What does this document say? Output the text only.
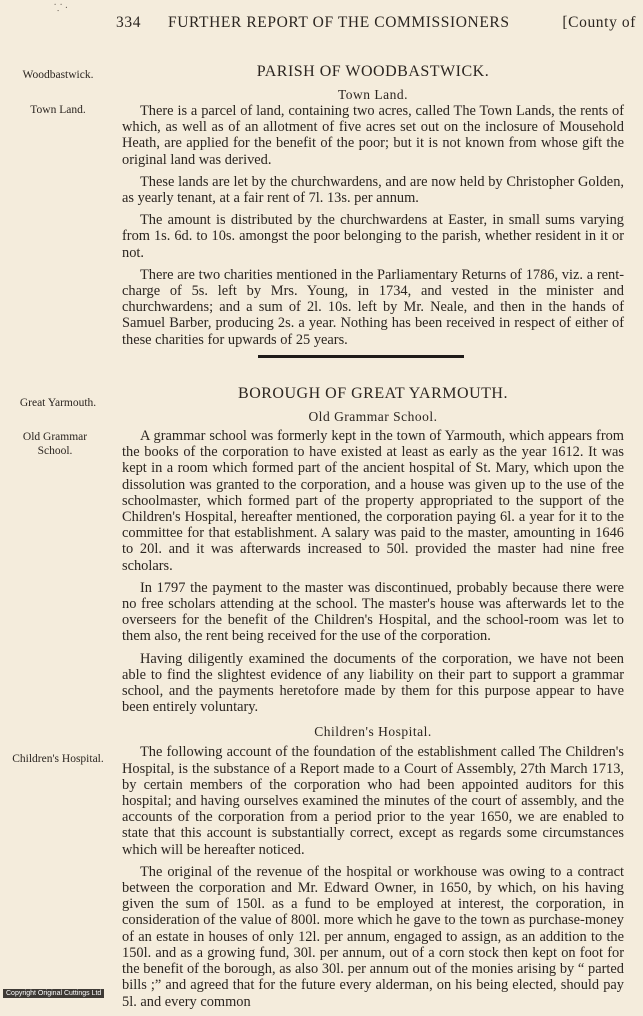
⸪ ·
334 FURTHER REPORT OF THE COMMISSIONERS	[County of
Woodbastwick.
Town Land.
Great Yarmouth.
Old Grammar School.
Children's Hospital.
PARISH OF WOODBASTWICK.
Town Land.

There is a parcel of land, containing two acres, called The Town Lands, the rents of which, as well as of an allotment of five acres set out on the inclosure of Mousehold Heath, are applied for the benefit of the poor; but it is not known from whose gift the original land was derived.

These lands are let by the churchwardens, and are now held by Christopher Golden, as yearly tenant, at a fair rent of 7l. 13s. per annum.

The amount is distributed by the churchwardens at Easter, in small sums varying from 1s. 6d. to 10s. amongst the poor belonging to the parish, whether resident in it or not.

There are two charities mentioned in the Parliamentary Returns of 1786, viz. a rent-charge of 5s. left by Mrs. Young, in 1734, and vested in the minister and churchwardens; and a sum of 2l. 10s. left by Mr. Neale, and then in the hands of Samuel Barber, producing 2s. a year. Nothing has been received in respect of either of these charities for upwards of 25 years.

BOROUGH OF GREAT YARMOUTH.
Old Grammar School.

A grammar school was formerly kept in the town of Yarmouth, which appears from the books of the corporation to have existed at least as early as the year 1612. It was kept in a room which formed part of the ancient hospital of St. Mary, which upon the dissolution was granted to the corporation, and a house was given up to the use of the schoolmaster, which formed part of the property appropriated to the support of the Children's Hospital, hereafter mentioned, the corporation paying 6l. a year for it to the committee for that establishment. A salary was paid to the master, amounting in 1646 to 20l. and it was afterwards increased to 50l. provided the master had nine free scholars.

In 1797 the payment to the master was discontinued, probably because there were no free scholars attending at the school. The master's house was afterwards let to the overseers for the benefit of the Children's Hospital, and the school-room was let to them also, the rent being received for the use of the corporation.

Having diligently examined the documents of the corporation, we have not been able to find the slightest evidence of any liability on their part to support a grammar school, and the payments heretofore made by them for this purpose appear to have been entirely voluntary.

Children's Hospital.

The following account of the foundation of the establishment called The Children's Hospital, is the substance of a Report made to a Court of Assembly, 27th March 1713, by certain members of the corporation who had been appointed auditors for this hospital; and having ourselves examined the minutes of the court of assembly, and the accounts of the corporation from a period prior to the year 1650, we are enabled to state that this account is substantially correct, except as regards some circumstances which will be hereafter noticed.

The original of the revenue of the hospital or workhouse was owing to a contract between the corporation and Mr. Edward Owner, in 1650, by which, on his having given the sum of 150l. as a fund to be employed at interest, the corporation, in consideration of the value of 800l. more which he gave to the town as purchase-money of an estate in houses of only 12l. per annum, engaged to assign, as an addition to the 150l. and as a growing fund, 30l. per annum, out of a corn stock then kept on foot for the benefit of the borough, as also 30l. per annum out of the monies arising by “ parted bills ;” and agreed that for the future every alderman, on his being elected, should pay 5l. and every common

Copyright Original Cuttings Ltd
